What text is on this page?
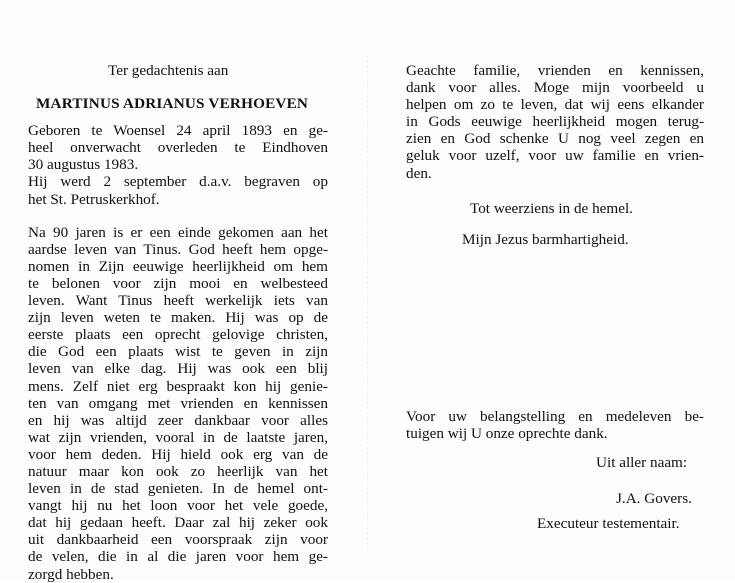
Ter gedachtenis aan
MARTINUS ADRIANUS VERHOEVEN
Geboren te Woensel 24 april 1893 en ge-
heel onverwacht overleden te Eindhoven
30 augustus 1983.
Hij werd 2 september d.a.v. begraven op
het St. Petruskerkhof.
Na 90 jaren is er een einde gekomen aan het
aardse leven van Tinus. God heeft hem opge-
nomen in Zijn eeuwige heerlijkheid om hem
te belonen voor zijn mooi en welbesteed
leven. Want Tinus heeft werkelijk iets van
zijn leven weten te maken. Hij was op de
eerste plaats een oprecht gelovige christen,
die God een plaats wist te geven in zijn
leven van elke dag. Hij was ook een blij
mens. Zelf niet erg bespraakt kon hij genie-
ten van omgang met vrienden en kennissen
en hij was altijd zeer dankbaar voor alles
wat zijn vrienden, vooral in de laatste jaren,
voor hem deden. Hij hield ook erg van de
natuur maar kon ook zo heerlijk van het
leven in de stad genieten. In de hemel ont-
vangt hij nu het loon voor het vele goede,
dat hij gedaan heeft. Daar zal hij zeker ook
uit dankbaarheid een voorspraak zijn voor
de velen, die in al die jaren voor hem ge-
zorgd hebben.
Geachte familie, vrienden en kennissen,
dank voor alles. Moge mijn voorbeeld u
helpen om zo te leven, dat wij eens elkander
in Gods eeuwige heerlijkheid mogen terug-
zien en God schenke U nog veel zegen en
geluk voor uzelf, voor uw familie en vrien-
den.
Tot weerziens in de hemel.
Mijn Jezus barmhartigheid.
Voor uw belangstelling en medeleven be-
tuigen wij U onze oprechte dank.
Uit aller naam:
J.A. Govers.
Executeur testementair.
